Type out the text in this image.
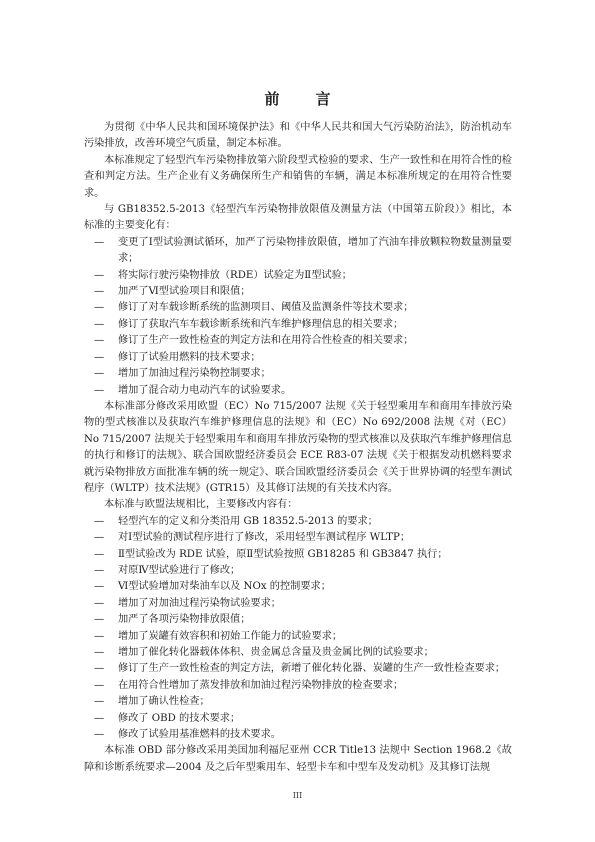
前 言

为贯彻《中华人民共和国环境保护法》和《中华人民共和国大气污染防治法》，防治机动车污染排放，改善环境空气质量，制定本标准。

本标准规定了轻型汽车污染物排放第六阶段型式检验的要求、生产一致性和在用符合性的检查和判定方法。生产企业有义务确保所生产和销售的车辆，满足本标准所规定的在用符合性要求。

与 GB18352.5-2013《轻型汽车污染物排放限值及测量方法（中国第五阶段）》相比，本标准的主要变化有：

— 变更了Ⅰ型试验测试循环，加严了污染物排放限值，增加了汽油车排放颗粒物数量测量要求；
— 将实际行驶污染物排放（RDE）试验定为Ⅱ型试验；
— 加严了Ⅵ型试验项目和限值；
— 修订了对车载诊断系统的监测项目、阈值及监测条件等技术要求；
— 修订了获取汽车车载诊断系统和汽车维护修理信息的相关要求；
— 修订了生产一致性检查的判定方法和在用符合性检查的相关要求；
— 修订了试验用燃料的技术要求；
— 增加了加油过程污染物控制要求；
— 增加了混合动力电动汽车的试验要求。

本标准部分修改采用欧盟（EC）No 715/2007 法规《关于轻型乘用车和商用车排放污染物的型式核准以及获取汽车维护修理信息的法规》和（EC）No 692/2008 法规《对（EC）No 715/2007 法规关于轻型乘用车和商用车排放污染物的型式核准以及获取汽车维护修理信息的执行和修订的法规》、联合国欧盟经济委员会 ECE R83-07 法规《关于根据发动机燃料要求就污染物排放方面批准车辆的统一规定》、联合国欧盟经济委员会《关于世界协调的轻型车测试程序（WLTP）技术法规》(GTR15）及其修订法规的有关技术内容。

本标准与欧盟法规相比，主要修改内容有：

— 轻型汽车的定义和分类沿用 GB 18352.5-2013 的要求；
— 对Ⅰ型试验的测试程序进行了修改，采用轻型车测试程序 WLTP；
— Ⅱ型试验改为 RDE 试验，原Ⅱ型试验按照 GB18285 和 GB3847 执行；
— 对原Ⅳ型试验进行了修改；
— Ⅵ型试验增加对柴油车以及 NOx 的控制要求；
— 增加了对加油过程污染物试验要求；
— 加严了各项污染物排放限值；
— 增加了炭罐有效容积和初始工作能力的试验要求；
— 增加了催化转化器载体体积、贵金属总含量及贵金属比例的试验要求；
— 修订了生产一致性检查的判定方法，新增了催化转化器、炭罐的生产一致性检查要求；
— 在用符合性增加了蒸发排放和加油过程污染物排放的检查要求；
— 增加了确认性检查；
— 修改了 OBD 的技术要求；
— 修改了试验用基准燃料的技术要求。

本标准 OBD 部分修改采用美国加利福尼亚州 CCR Title13 法规中 Section 1968.2《故障和诊断系统要求—2004 及之后年型乘用车、轻型卡车和中型车及发动机》及其修订法规

III
